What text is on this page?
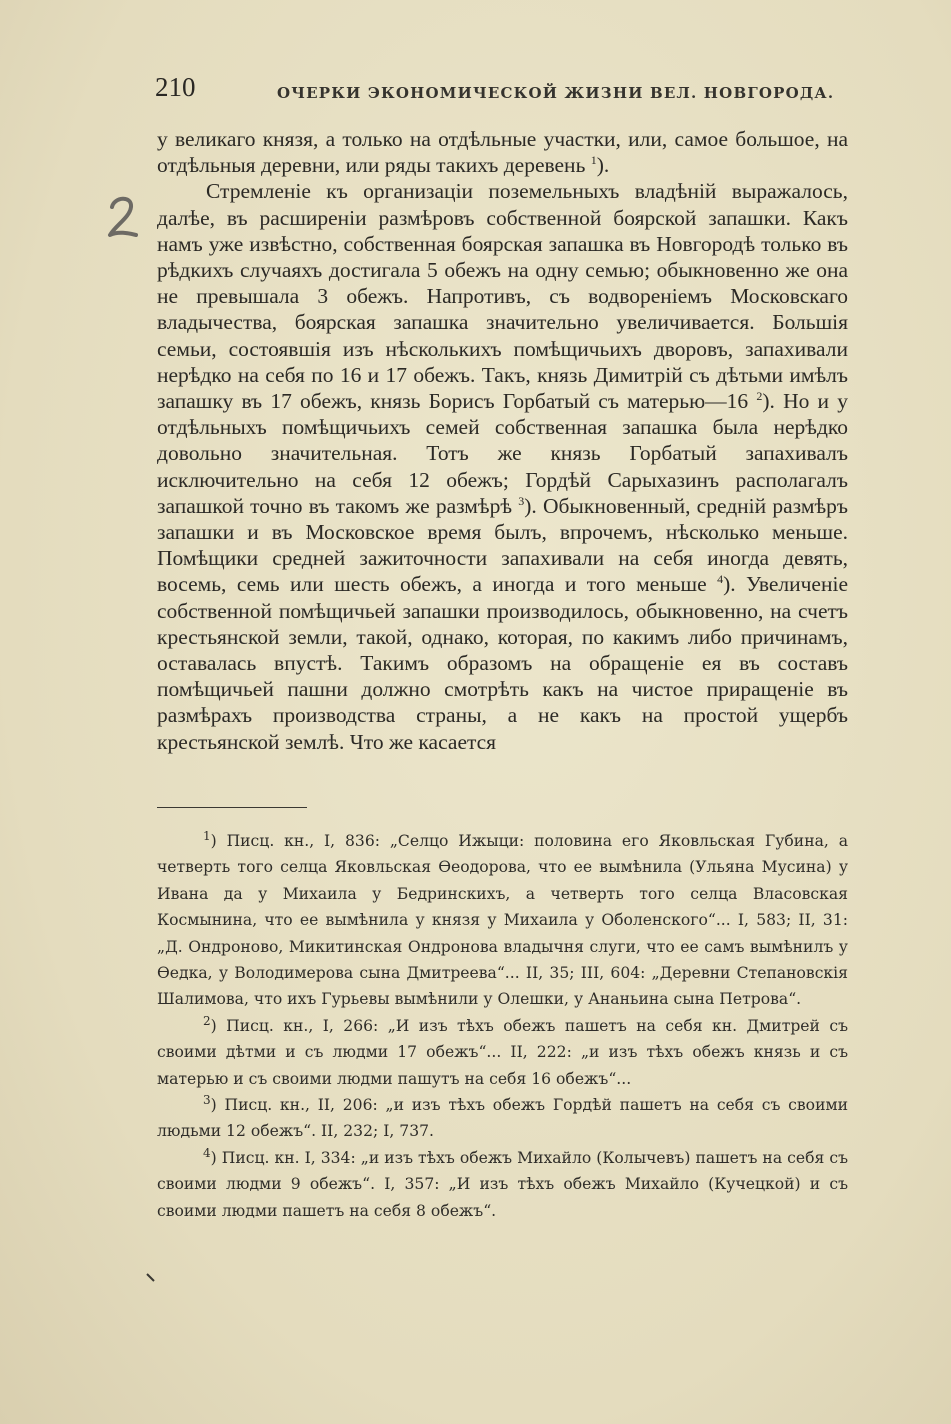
210	ОЧЕРКИ ЭКОНОМИЧЕСКОЙ ЖИЗНИ ВЕЛ. НОВГОРОДА.

у великаго князя, а только на отдѣльные участки, или, самое большое, на отдѣльныя деревни, или ряды такихъ деревень $^1$).

Стремленіе къ организаціи поземельныхъ владѣній выражалось, далѣе, въ расширеніи размѣровъ собственной боярской запашки. Какъ намъ уже извѣстно, собственная боярская запашка въ Новгородѣ только въ рѣдкихъ случаяхъ достигала 5 обежъ на одну семью; обыкновенно же она не превышала 3 обежъ. Напротивъ, съ водвореніемъ Московскаго владычества, боярская запашка значительно увеличивается. Большія семьи, состоявшія изъ нѣсколькихъ помѣщичьихъ дворовъ, запахивали нерѣдко на себя по 16 и 17 обежъ. Такъ, князь Димитрій съ дѣтьми имѣлъ запашку въ 17 обежъ, князь Борисъ Горбатый съ матерью—16 $^2$). Но и у отдѣльныхъ помѣщичьихъ семей собственная запашка была нерѣдко довольно значительная. Тотъ же князь Горбатый запахивалъ исключительно на себя 12 обежъ; Гордѣй Сарыхазинъ располагалъ запашкой точно въ такомъ же размѣрѣ $^3$). Обыкновенный, средній размѣръ запашки и въ Московское время былъ, впрочемъ, нѣсколько меньше. Помѣщики средней зажиточности запахивали на себя иногда девять, восемь, семь или шесть обежъ, а иногда и того меньше $^4$). Увеличеніе собственной помѣщичьей запашки производилось, обыкновенно, на счетъ крестьянской земли, такой, однако, которая, по какимъ либо причинамъ, оставалась впустѣ. Такимъ образомъ на обращеніе ея въ составъ помѣщичьей пашни должно смотрѣть какъ на чистое приращеніе въ размѣрахъ производства страны, а не какъ на простой ущербъ крестьянской землѣ. Что же касается

$^1$) Писц. кн., I, 836: „Селцо Ижыци: половина его Яковльская Губина, а четверть того селца Яковльская Өеодорова, что ее вымѣнила (Ульяна Мусина) у Ивана да у Михаила у Бедринскихъ, а четверть того селца Власовская Космынина, что ее вымѣнила у князя у Михаила у Оболенского“... I, 583; II, 31: „Д. Ондроново, Микитинская Ондронова владычня слуги, что ее самъ вымѣнилъ у Өедка, у Володимерова сына Дмитреева“... II, 35; III, 604: „Деревни Степановскія Шалимова, что ихъ Гурьевы вымѣнили у Олешки, у Ананьина сына Петрова“.

$^2$) Писц. кн., I, 266: „И изъ тѣхъ обежъ пашетъ на себя кн. Дмитрей съ своими дѣтми и съ людми 17 обежъ“... II, 222: „и изъ тѣхъ обежъ князь и съ матерью и съ своими людми пашутъ на себя 16 обежъ“...

$^3$) Писц. кн., II, 206: „и изъ тѣхъ обежъ Гордѣй пашетъ на себя съ своими людьми 12 обежъ“. II, 232; I, 737.

$^4$) Писц. кн. I, 334: „и изъ тѣхъ обежъ Михайло (Колычевъ) пашетъ на себя съ своими людми 9 обежъ“. I, 357: „И изъ тѣхъ обежъ Михайло (Кучецкой) и съ своими людми пашетъ на себя 8 обежъ“.
